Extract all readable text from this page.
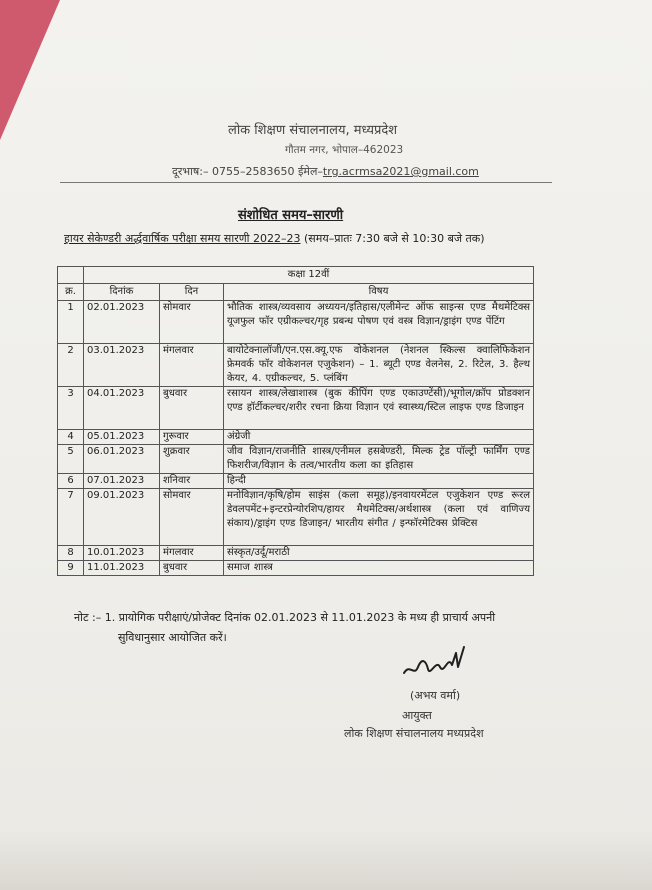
लोक शिक्षण संचालनालय, मध्यप्रदेश
गौतम नगर, भोपाल–462023
दूरभाष:– 0755–2583650 ईमेल–trg.acrmsa2021@gmail.com
संशोधित समय–सारणी
हायर सेकेण्डरी अर्द्धवार्षिक परीक्षा समय सारणी 2022–23 (समय–प्रातः 7:30 बजे से 10:30 बजे तक)
	कक्षा 12वीं		
क्र.	दिनांक	दिन	विषय
1	02.01.2023	सोमवार	भौतिक शास्त्र/व्यवसाय अध्ययन/इतिहास/एलीमेन्ट ऑफ साइन्स एण्ड मैथमेटिक्स यूजफुल फॉर एग्रीकल्चर/गृह प्रबन्ध पोषण एवं वस्त्र विज्ञान/ड्राइंग एण्ड पेंटिंग
2	03.01.2023	मंगलवार	बायोटेक्नालॉजी/एन.एस.क्यू.एफ वोकेशनल (नेशनल स्किल्स क्वालिफिकेशन फ्रेमवर्क फॉर वोकेशनल एजुकेशन) – 1. ब्यूटी एण्ड वेलनेस, 2. रिटेल, 3. हैल्थ केयर, 4. एग्रीकल्चर, 5. प्लंबिंग
3	04.01.2023	बुधवार	रसायन शास्त्र/लेखाशास्त्र (बुक कीपिंग एण्ड एकाउण्टेंसी)/भूगोल/क्रॉप प्रोडक्शन एण्ड हॉर्टीकल्चर/शरीर रचना क्रिया विज्ञान एवं स्वास्थ्य/स्टिल लाइफ एण्ड डिजाइन
4	05.01.2023	गुरूवार	अंग्रेजी
5	06.01.2023	शुक्रवार	जीव विज्ञान/राजनीति शास्त्र/एनीमल हसबेण्डरी, मिल्क ट्रेड पॉल्ट्री फार्मिंग एण्ड फिशरीज/विज्ञान के तत्व/भारतीय कला का इतिहास
6	07.01.2023	शनिवार	हिन्दी
7	09.01.2023	सोमवार	मनोविज्ञान/कृषि/होम साइंस (कला समूह)/इनवायरमेंटल एजुकेशन एण्ड रूरल डेवलपमेंट+इन्टरप्रेन्योरशिप/हायर मैथमेटिक्स/अर्थशास्त्र (कला एवं वाणिज्य संकाय)/ड्राइंग एण्ड डिजाइन/ भारतीय संगीत / इन्फॉरमेटिक्स प्रेक्टिस
8	10.01.2023	मंगलवार	संस्कृत/उर्दू/मराठी
9	11.01.2023	बुधवार	समाज शास्त्र
नोट :– 1. प्रायोगिक परीक्षाएं/प्रोजेक्ट दिनांक 02.01.2023 से 11.01.2023 के मध्य ही प्राचार्य अपनी
सुविधानुसार आयोजित करें।
(अभय वर्मा)
आयुक्त
लोक शिक्षण संचालनालय मध्यप्रदेश
